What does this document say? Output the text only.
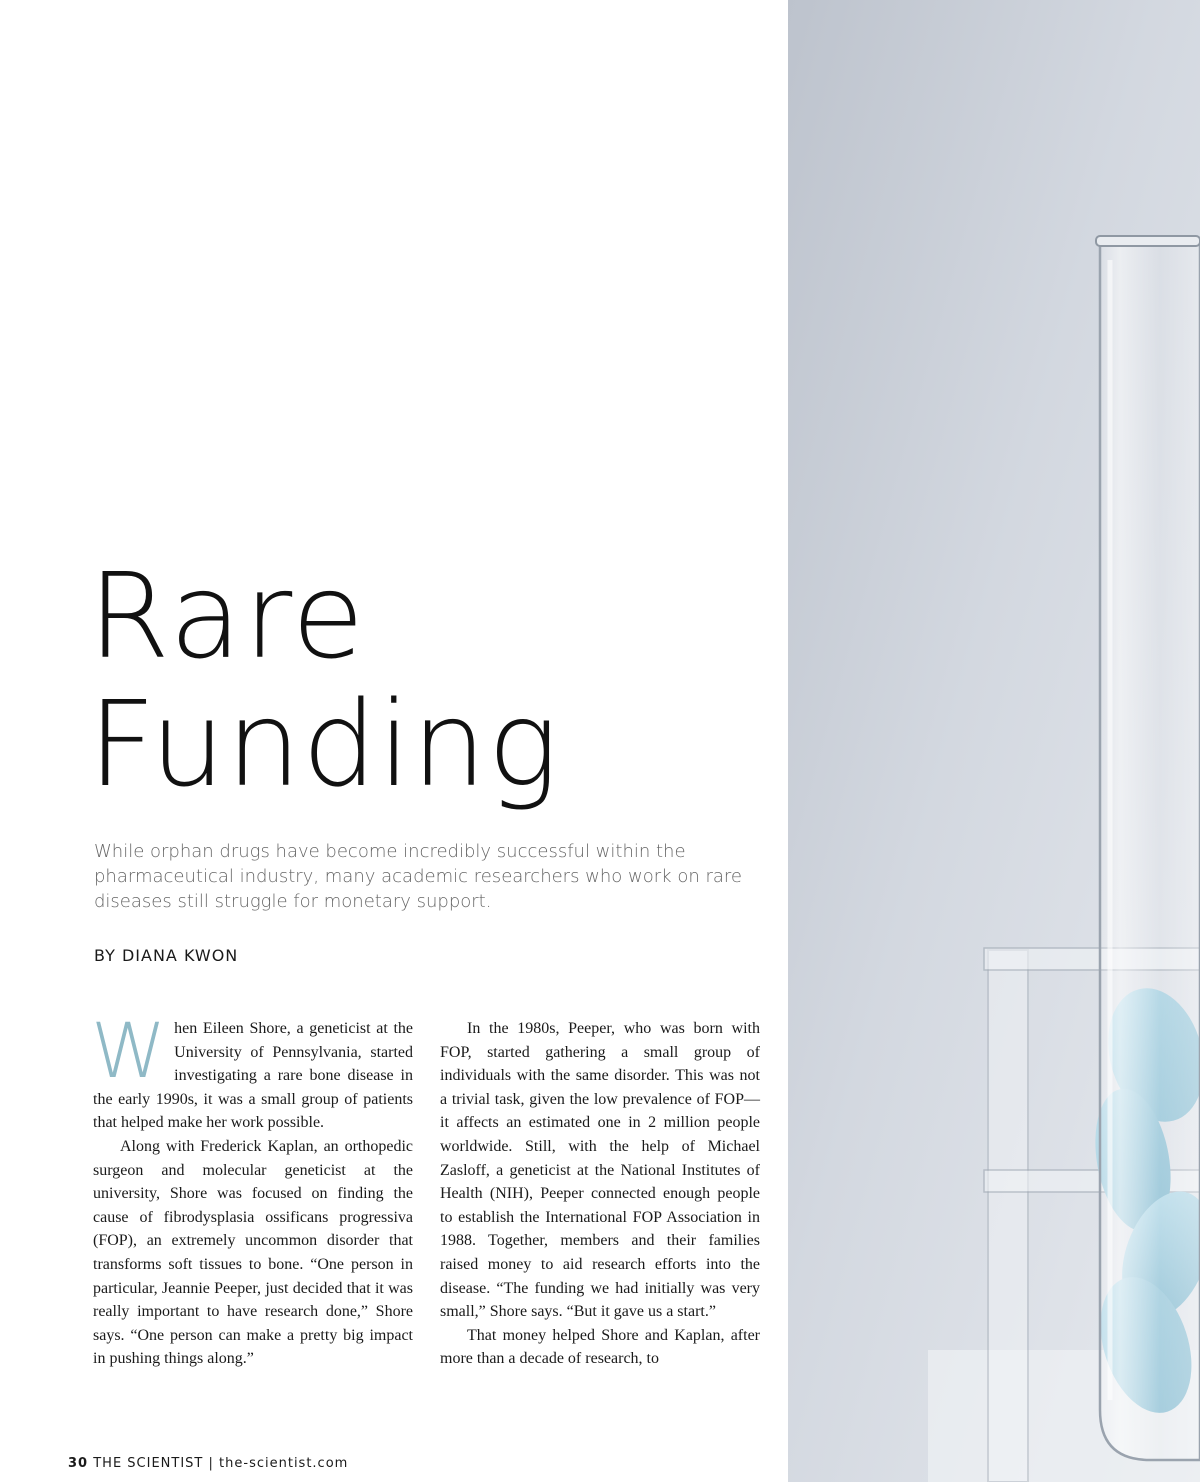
Rare
Funding

While orphan drugs have become incredibly successful within the pharmaceutical industry, many academic researchers who work on rare diseases still struggle for monetary support.

BY DIANA KWON

When Eileen Shore, a geneticist at the University of Pennsylvania, started investigating a rare bone disease in the early 1990s, it was a small group of patients that helped make her work possible.

Along with Frederick Kaplan, an orthopedic surgeon and molecular geneticist at the university, Shore was focused on finding the cause of fibrodysplasia ossificans progressiva (FOP), an extremely uncommon disorder that transforms soft tissues to bone. “One person in particular, Jeannie Peeper, just decided that it was really important to have research done,” Shore says. “One person can make a pretty big impact in pushing things along.”

In the 1980s, Peeper, who was born with FOP, started gathering a small group of individuals with the same disorder. This was not a trivial task, given the low prevalence of FOP—it affects an estimated one in 2 million people worldwide. Still, with the help of Michael Zasloff, a geneticist at the National Institutes of Health (NIH), Peeper connected enough people to establish the International FOP Association in 1988. Together, members and their families raised money to aid research efforts into the disease. “The funding we had initially was very small,” Shore says. “But it gave us a start.”

That money helped Shore and Kaplan, after more than a decade of research, to

30 THE SCIENTIST | the-scientist.com
